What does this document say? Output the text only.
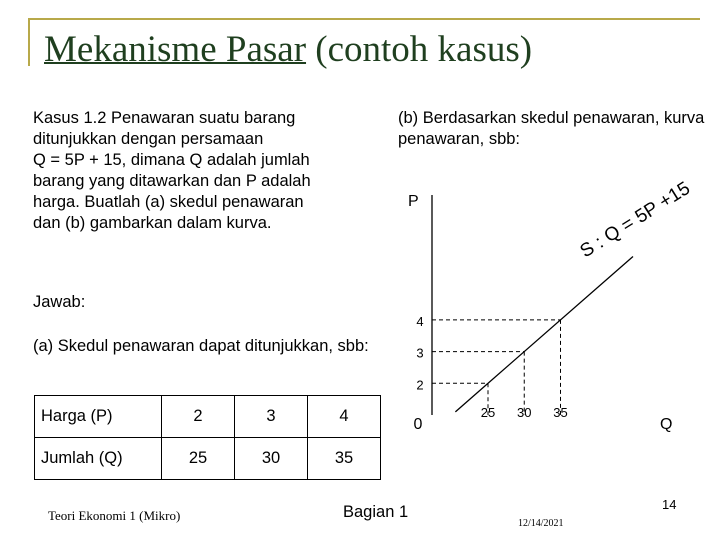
Mekanisme Pasar (contoh kasus)
Kasus 1.2 Penawaran suatu barang
ditunjukkan dengan persamaan
Q = 5P + 15, dimana Q adalah jumlah
barang yang ditawarkan dan P adalah
harga. Buatlah (a) skedul penawaran
dan (b) gambarkan dalam kurva.
(b) Berdasarkan skedul penawaran, kurva penawaran, sbb:
Jawab:
(a) Skedul penawaran dapat ditunjukkan, sbb:
Harga (P)	2	3	4
Jumlah (Q)	25	30	35
P
Q
0
2
25
3
30
4
35
S : Q = 5P +15
Teori Ekonomi 1 (Mikro)	Bagian 1
12/14/2021
14
